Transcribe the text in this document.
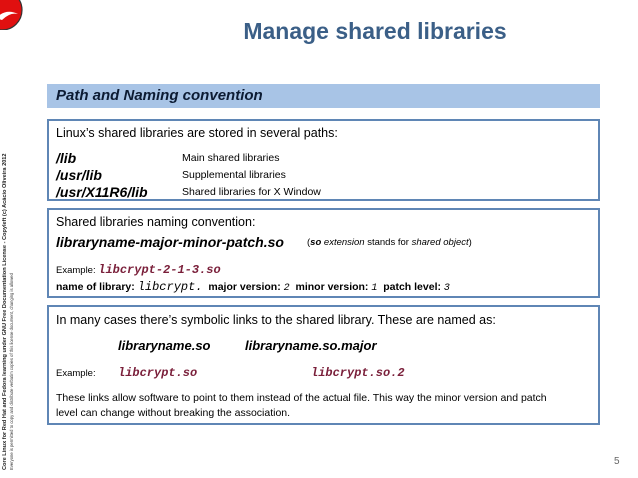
Manage shared libraries
Core Linux for Red Hat and Fedora learning under GNU Free Documentation License - Copyleft (c) Acácio Oliveira 2012 Everyone is permitted to copy and distribute verbatim copies of this license document, changing is allowed
Path and Naming convention
Linux’s shared libraries are stored in several paths:
/lib	Main shared libraries
/usr/lib	Supplemental libraries
/usr/X11R6/lib	Shared libraries for X Window
Shared libraries naming convention:
libraryname-major-minor-patch.so (so extension stands for shared object)
Example: libcrypt-2-1-3.so
name of library: libcrypt. major version: 2 minor version: 1 patch level: 3
In many cases there’s symbolic links to the shared library. These are named as:
libraryname.so	libraryname.so.major
Example: libcrypt.so	libcrypt.so.2
These links allow software to point to them instead of the actual file. This way the minor version and patch
level can change without breaking the association.
5
